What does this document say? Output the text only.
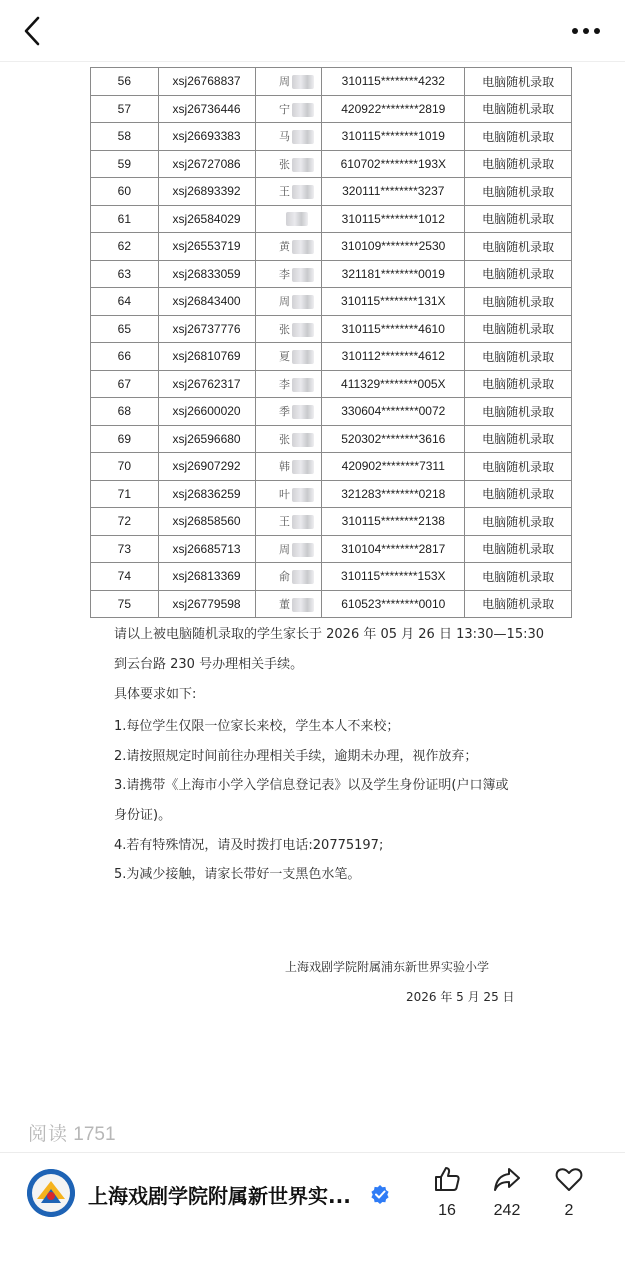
56	xsj26768837	周	310115********4232	电脑随机录取
57	xsj26736446	宁	420922********2819	电脑随机录取
58	xsj26693383	马	310115********1019	电脑随机录取
59	xsj26727086	张	610702********193X	电脑随机录取
60	xsj26893392	王	320111********3237	电脑随机录取
61	xsj26584029		310115********1012	电脑随机录取
62	xsj26553719	黄	310109********2530	电脑随机录取
63	xsj26833059	李	321181********0019	电脑随机录取
64	xsj26843400	周	310115********131X	电脑随机录取
65	xsj26737776	张	310115********4610	电脑随机录取
66	xsj26810769	夏	310112********4612	电脑随机录取
67	xsj26762317	李	411329********005X	电脑随机录取
68	xsj26600020	季	330604********0072	电脑随机录取
69	xsj26596680	张	520302********3616	电脑随机录取
70	xsj26907292	韩	420902********7311	电脑随机录取
71	xsj26836259	叶	321283********0218	电脑随机录取
72	xsj26858560	王	310115********2138	电脑随机录取
73	xsj26685713	周	310104********2817	电脑随机录取
74	xsj26813369	俞	310115********153X	电脑随机录取
75	xsj26779598	董	610523********0010	电脑随机录取
请以上被电脑随机录取的学生家长于 2026 年 05 月 26 日 13:30—15:30
到云台路 230 号办理相关手续。
具体要求如下:
1.每位学生仅限一位家长来校，学生本人不来校；
2.请按照规定时间前往办理相关手续，逾期未办理，视作放弃；
3.请携带《上海市小学入学信息登记表》以及学生身份证明(户口簿或
身份证)。
4.若有特殊情况，请及时拨打电话:20775197;
5.为减少接触，请家长带好一支黑色水笔。
上海戏剧学院附属浦东新世界实验小学
2026 年 5 月 25 日
阅读 1751
上海戏剧学院附属新世界实...
16	242	2
